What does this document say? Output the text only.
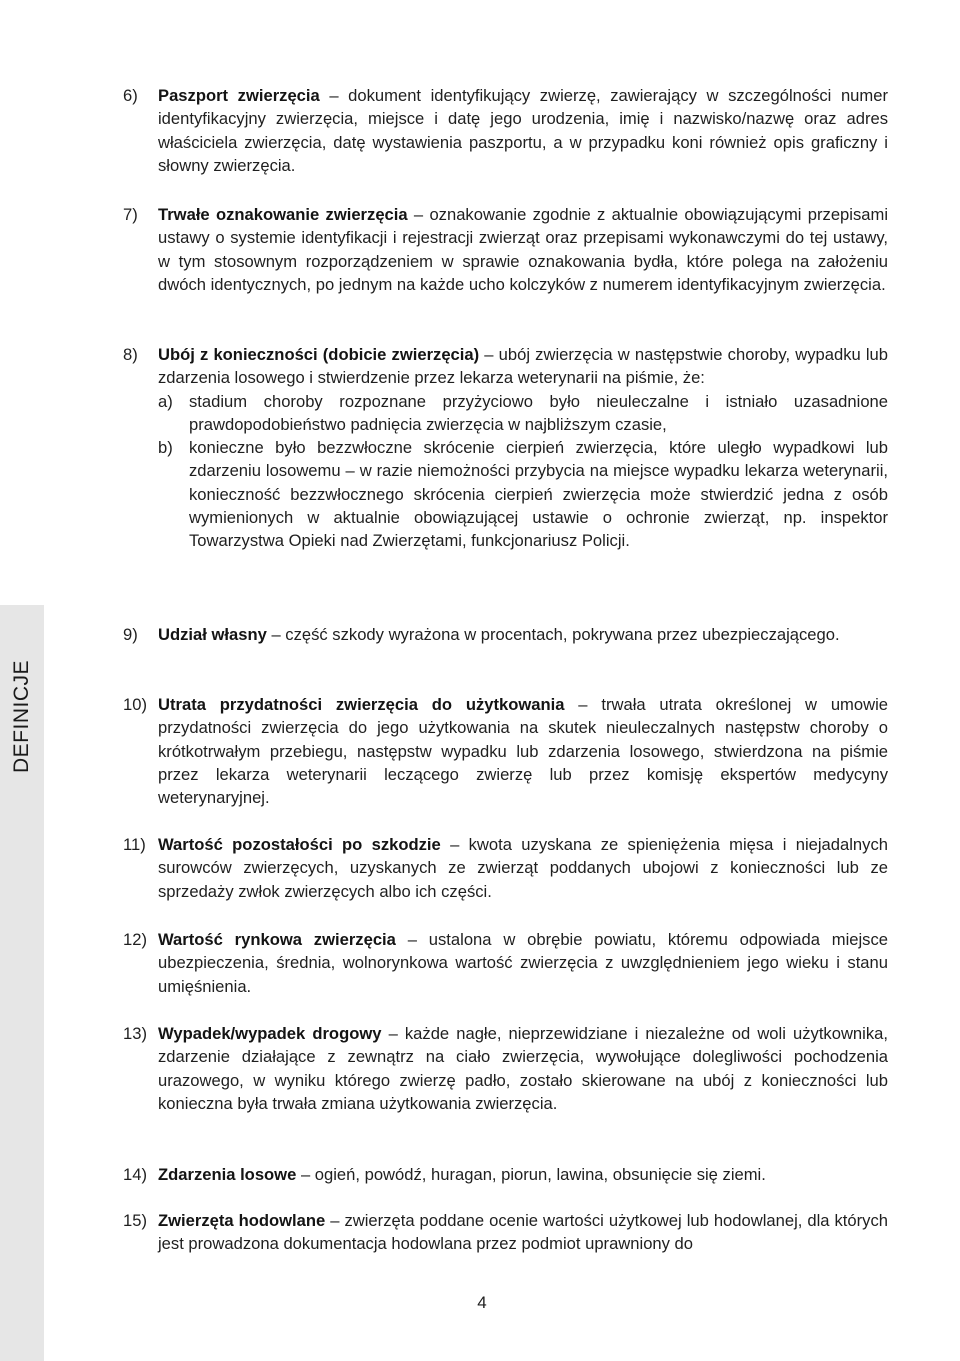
DEFINICJE
6) Paszport zwierzęcia – dokument identyfikujący zwierzę, zawierający w szczególności numer identyfikacyjny zwierzęcia, miejsce i datę jego urodzenia, imię i nazwisko/nazwę oraz adres właściciela zwierzęcia, datę wystawienia paszportu, a w przypadku koni również opis graficzny i słowny zwierzęcia.
7) Trwałe oznakowanie zwierzęcia – oznakowanie zgodnie z aktualnie obowiązującymi przepisami ustawy o systemie identyfikacji i rejestracji zwierząt oraz przepisami wykonawczymi do tej ustawy, w tym stosownym rozporządzeniem w sprawie oznakowania bydła, które polega na założeniu dwóch identycznych, po jednym na każde ucho kolczyków z numerem identyfikacyjnym zwierzęcia.
8) Ubój z konieczności (dobicie zwierzęcia) – ubój zwierzęcia w następstwie choroby, wypadku lub zdarzenia losowego i stwierdzenie przez lekarza weterynarii na piśmie, że:
a) stadium choroby rozpoznane przyżyciowo było nieuleczalne i istniało uzasadnione prawdopodobieństwo padnięcia zwierzęcia w najbliższym czasie,
b) konieczne było bezzwłoczne skrócenie cierpień zwierzęcia, które uległo wypadkowi lub zdarzeniu losowemu – w razie niemożności przybycia na miejsce wypadku lekarza weterynarii, konieczność bezzwłocznego skrócenia cierpień zwierzęcia może stwierdzić jedna z osób wymienionych w aktualnie obowiązującej ustawie o ochronie zwierząt, np. inspektor Towarzystwa Opieki nad Zwierzętami, funkcjonariusz Policji.
9) Udział własny – część szkody wyrażona w procentach, pokrywana przez ubezpieczającego.
10) Utrata przydatności zwierzęcia do użytkowania – trwała utrata określonej w umowie przydatności zwierzęcia do jego użytkowania na skutek nieuleczalnych następstw choroby o krótkotrwałym przebiegu, następstw wypadku lub zdarzenia losowego, stwierdzona na piśmie przez lekarza weterynarii leczącego zwierzę lub przez komisję ekspertów medycyny weterynaryjnej.
11) Wartość pozostałości po szkodzie – kwota uzyskana ze spieniężenia mięsa i niejadalnych surowców zwierzęcych, uzyskanych ze zwierząt poddanych ubojowi z konieczności lub ze sprzedaży zwłok zwierzęcych albo ich części.
12) Wartość rynkowa zwierzęcia – ustalona w obrębie powiatu, któremu odpowiada miejsce ubezpieczenia, średnia, wolnorynkowa wartość zwierzęcia z uwzględnieniem jego wieku i stanu umięśnienia.
13) Wypadek/wypadek drogowy – każde nagłe, nieprzewidziane i niezależne od woli użytkownika, zdarzenie działające z zewnątrz na ciało zwierzęcia, wywołujące dolegliwości pochodzenia urazowego, w wyniku którego zwierzę padło, zostało skierowane na ubój z konieczności lub konieczna była trwała zmiana użytkowania zwierzęcia.
14) Zdarzenia losowe – ogień, powódź, huragan, piorun, lawina, obsunięcie się ziemi.
15) Zwierzęta hodowlane – zwierzęta poddane ocenie wartości użytkowej lub hodowlanej, dla których jest prowadzona dokumentacja hodowlana przez podmiot uprawniony do
4
